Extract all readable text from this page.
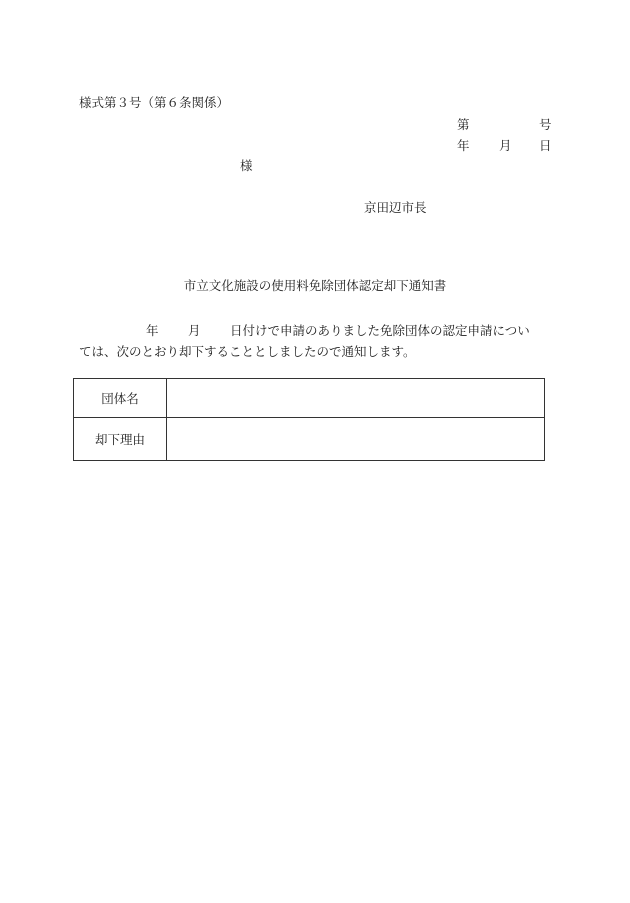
様式第３号（第６条関係）
第	号
年 月 日
様
京田辺市長
市立文化施設の使用料免除団体認定却下通知書
年 月 日付けで申請のありました免除団体の認定申請につい
ては、次のとおり却下することとしましたので通知します。
団体名	
却下理由	
